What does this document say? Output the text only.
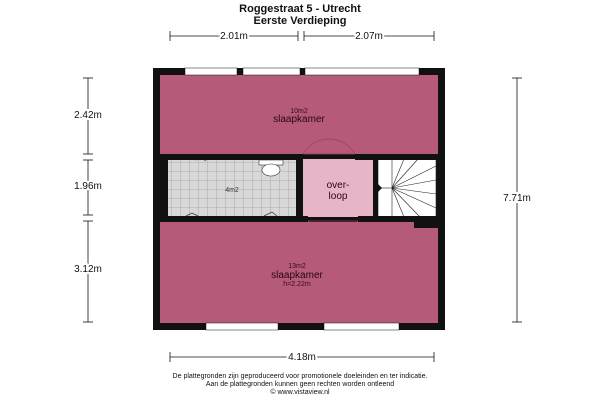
Roggestraat 5 - Utrecht
Eerste Verdieping
10m2
slaapkamer
4m2	over-
loop
13m2
slaapkamer
h=2.22m
2.01m	2.07m
4.18m
2.42m
1.96m
3.12m
7.71m
De plattegronden zijn geproduceerd voor promotionele doeleinden en ter indicatie.
Aan de plattegronden kunnen geen rechten worden ontleend
© www.vistaview.nl
